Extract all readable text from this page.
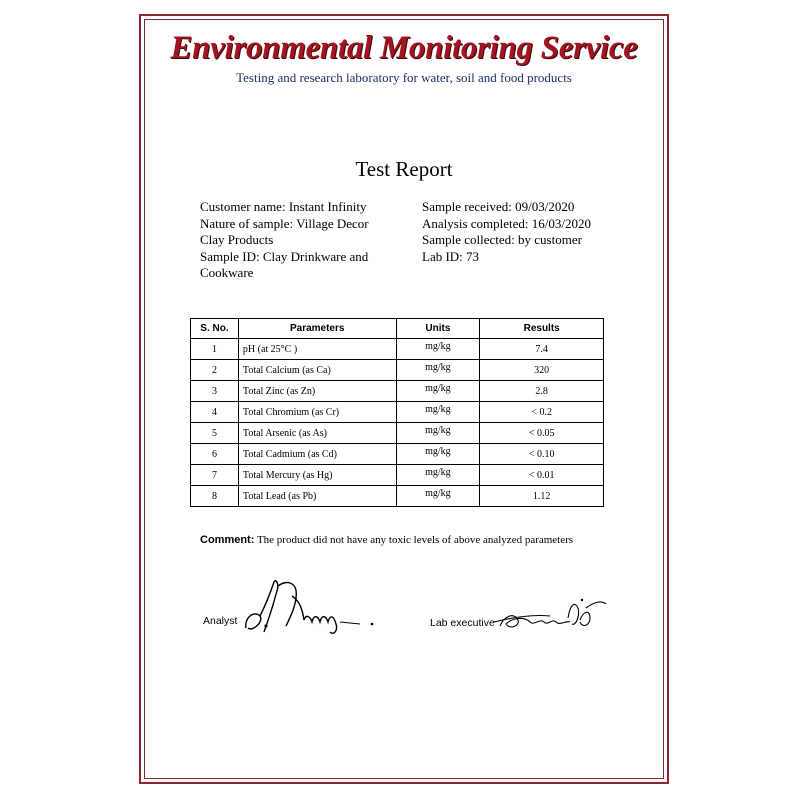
Environmental Monitoring Service
Testing and research laboratory for water, soil and food products
Test Report
Customer name: Instant Infinity
Nature of sample: Village Decor
Clay Products
Sample ID: Clay Drinkware and
Cookware
Sample received: 09/03/2020
Analysis completed: 16/03/2020
Sample collected: by customer
Lab ID: 73
S. No.	Parameters	Units	Results
1	pH (at 25°C )	mg/kg	7.4
2	Total Calcium (as Ca)	mg/kg	320
3	Total Zinc (as Zn)	mg/kg	2.8
4	Total Chromium (as Cr)	mg/kg	< 0.2
5	Total Arsenic (as As)	mg/kg	< 0.05
6	Total Cadmium (as Cd)	mg/kg	< 0.10
7	Total Mercury (as Hg)	mg/kg	< 0.01
8	Total Lead (as Pb)	mg/kg	1.12
Comment: The product did not have any toxic levels of above analyzed parameters
Analyst	Lab executive
